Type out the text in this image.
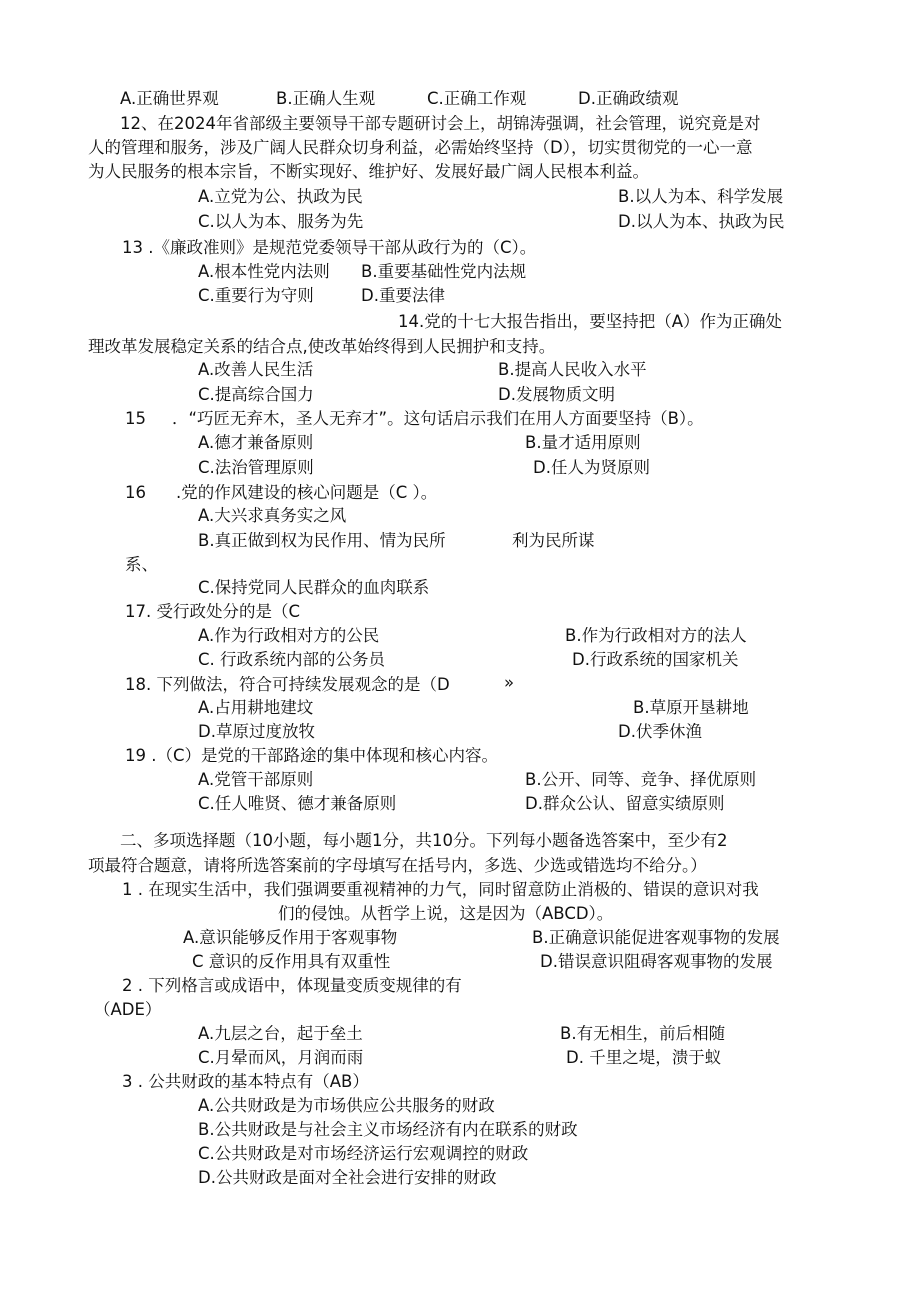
A.正确世界观	B.正确人生观	C.正确工作观	D.正确政绩观
12、在2024年省部级主要领导干部专题研讨会上，胡锦涛强调，社会管理，说究竟是对
人的管理和服务，涉及广阔人民群众切身利益，必需始终坚持（D），切实贯彻党的一心一意
为人民服务的根本宗旨，不断实现好、维护好、发展好最广阔人民根本利益。
A.立党为公、执政为民	B.以人为本、科学发展
C.以人为本、服务为先	D.以人为本、执政为民
13 .《廉政准则》是规范党委领导干部从政行为的（C）。
A.根本性党内法则 B.重要基础性党内法规
C.重要行为守则	D.重要法律
14.党的十七大报告指出，要坚持把（A）作为正确处
理改革发展稳定关系的结合点,使改革始终得到人民拥护和支持。
A.改善人民生活	B.提高人民收入水平
C.提高综合国力	D.发展物质文明
15 ．“巧匠无弃木，圣人无弃才”。这句话启示我们在用人方面要坚持（B）。
A.德才兼备原则	B.量才适用原则
C.法治管理原则	D.任人为贤原则
16 .党的作风建设的核心问题是（C ）。
A.大兴求真务实之风
B.真正做到权为民作用、情为民所	利为民所谋
系、
C.保持党同人民群众的血肉联系
17. 受行政处分的是（C
A.作为行政相对方的公民	B.作为行政相对方的法人
C. 行政系统内部的公务员	D.行政系统的国家机关
18. 下列做法，符合可持续发展观念的是（D	»
A.占用耕地建坟	B.草原开垦耕地
D.草原过度放牧	D.伏季休渔
19 .（C）是党的干部路途的集中体现和核心内容。
A.党管干部原则	B.公开、同等、竞争、择优原则
C.任人唯贤、德才兼备原则	D.群众公认、留意实绩原则
二、多项选择题（10小题，每小题1分，共10分。下列每小题备选答案中，至少有2
项最符合题意，请将所选答案前的字母填写在括号内，多选、少选或错选均不给分。）
1 . 在现实生活中，我们强调要重视精神的力气，同时留意防止消极的、错误的意识对我
们的侵蚀。从哲学上说，这是因为（ABCD）。
A.意识能够反作用于客观事物	B.正确意识能促进客观事物的发展
C 意识的反作用具有双重性	D.错误意识阻碍客观事物的发展
2 . 下列格言或成语中，体现量变质变规律的有
（ADE）
A.九层之台，起于垒土	B.有无相生，前后相随
C.月晕而风，月润而雨	D. 千里之堤，溃于蚁
3 . 公共财政的基本特点有（AB）
A.公共财政是为市场供应公共服务的财政
B.公共财政是与社会主义市场经济有内在联系的财政
C.公共财政是对市场经济运行宏观调控的财政
D.公共财政是面对全社会进行安排的财政
